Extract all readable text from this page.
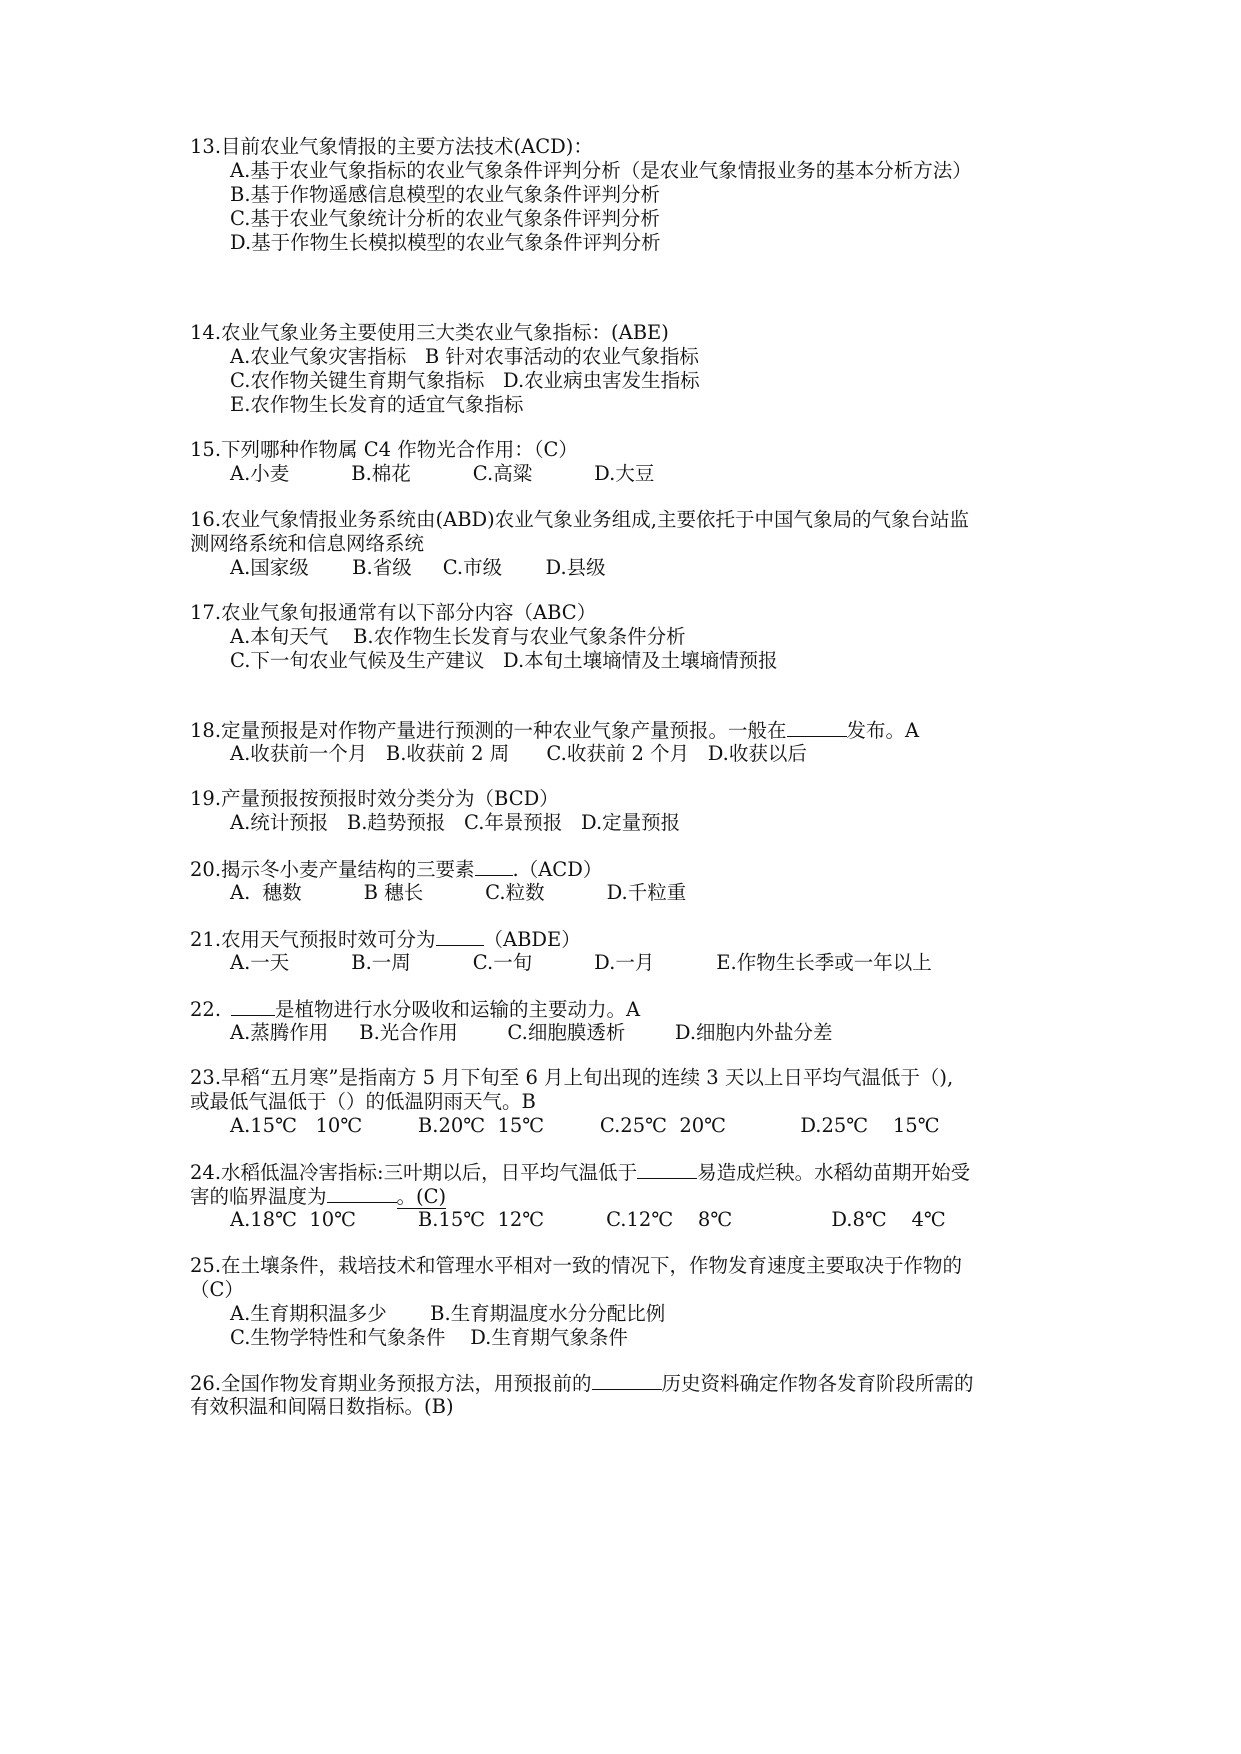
13.目前农业气象情报的主要方法技术(ACD)：
A.基于农业气象指标的农业气象条件评判分析（是农业气象情报业务的基本分析方法）
B.基于作物遥感信息模型的农业气象条件评判分析
C.基于农业气象统计分析的农业气象条件评判分析
D.基于作物生长模拟模型的农业气象条件评判分析
14.农业气象业务主要使用三大类农业气象指标：(ABE)
A.农业气象灾害指标   B 针对农事活动的农业气象指标
C.农作物关键生育期气象指标   D.农业病虫害发生指标
E.农作物生长发育的适宜气象指标
15.下列哪种作物属 C4 作物光合作用：（C）
A.小麦          B.棉花          C.高粱          D.大豆
16.农业气象情报业务系统由(ABD)农业气象业务组成,主要依托于中国气象局的气象台站监
测网络系统和信息网络系统
A.国家级       B.省级     C.市级       D.县级
17.农业气象旬报通常有以下部分内容（ABC）
A.本旬天气    B.农作物生长发育与农业气象条件分析
C.下一旬农业气候及生产建议   D.本旬土壤墒情及土壤墒情预报
18.定量预报是对作物产量进行预测的一种农业气象产量预报。一般在	发布。A
A.收获前一个月   B.收获前 2 周      C.收获前 2 个月   D.收获以后
19.产量预报按预报时效分类分为（BCD）
A.统计预报   B.趋势预报   C.年景预报   D.定量预报
20.揭示冬小麦产量结构的三要素 .（ACD）
A.  穗数          B 穗长          C.粒数          D.千粒重
21.农用天气预报时效可分为 （ABDE）
A.一天          B.一周          C.一旬          D.一月          E.作物生长季或一年以上
22.	是植物进行水分吸收和运输的主要动力。A
A.蒸腾作用     B.光合作用        C.细胞膜透析        D.细胞内外盐分差
23.早稻“五月寒”是指南方 5 月下旬至 6 月上旬出现的连续 3 天以上日平均气温低于（),
或最低气温低于（）的低温阴雨天气。B
A.15℃   10℃         B.20℃  15℃         C.25℃  20℃            D.25℃    15℃
24.水稻低温冷害指标:三叶期以后，日平均气温低于	易造成烂秧。水稻幼苗期开始受
害的临界温度为	。(C)
A.18℃  10℃          B.15℃  12℃          C.12℃    8℃                D.8℃    4℃
25.在土壤条件，栽培技术和管理水平相对一致的情况下，作物发育速度主要取决于作物的
（C）
A.生育期积温多少       B.生育期温度水分分配比例
C.生物学特性和气象条件    D.生育期气象条件
26.全国作物发育期业务预报方法，用预报前的	历史资料确定作物各发育阶段所需的
有效积温和间隔日数指标。(B)
